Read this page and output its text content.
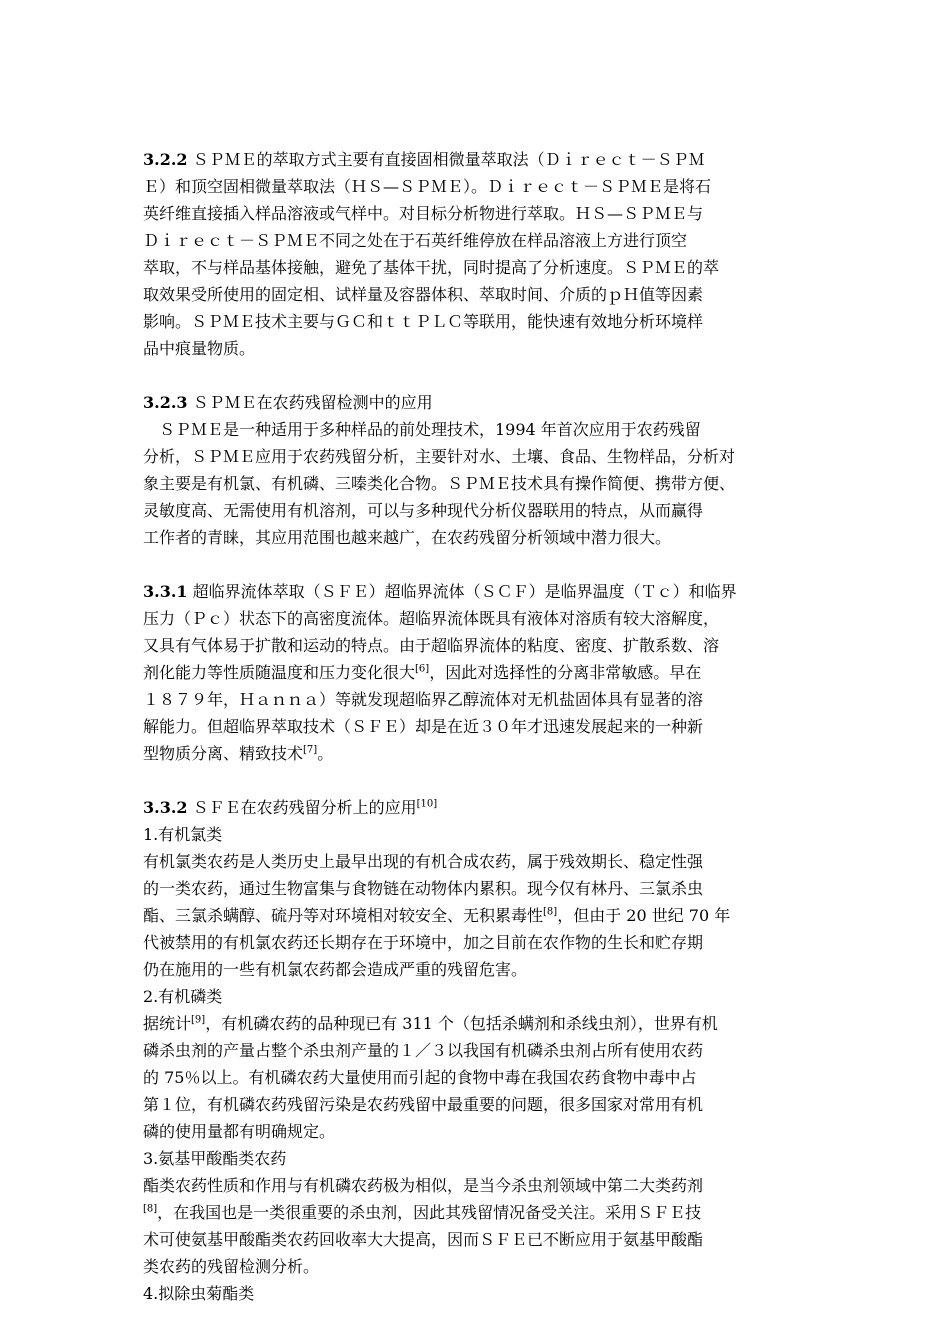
3.2.2 ＳＰＭＥ的萃取方式主要有直接固相微量萃取法（Ｄｉｒｅｃｔ－ＳＰＭ
Ｅ）和顶空固相微量萃取法（ＨＳ—ＳＰＭＥ）。Ｄｉｒｅｃｔ－ＳＰＭＥ是将石
英纤维直接插入样品溶液或气样中。对目标分析物进行萃取。ＨＳ—ＳＰＭＥ与
Ｄｉｒｅｃｔ－ＳＰＭＥ不同之处在于石英纤维停放在样品溶液上方进行顶空
萃取，不与样品基体接触，避免了基体干扰，同时提高了分析速度。ＳＰＭＥ的萃
取效果受所使用的固定相、试样量及容器体积、萃取时间、介质的ｐＨ值等因素
影响。ＳＰＭＥ技术主要与ＧＣ和ｔｔＰＬＣ等联用，能快速有效地分析环境样
品中痕量物质。
3.2.3 ＳＰＭＥ在农药残留检测中的应用
　ＳＰＭＥ是一种适用于多种样品的前处理技术，1994 年首次应用于农药残留
分析，ＳＰＭＥ应用于农药残留分析，主要针对水、土壤、食品、生物样品，分析对
象主要是有机氯、有机磷、三嗪类化合物。ＳＰＭＥ技术具有操作简便、携带方便、
灵敏度高、无需使用有机溶剂，可以与多种现代分析仪器联用的特点，从而赢得
工作者的青睐，其应用范围也越来越广，在农药残留分析领域中潜力很大。
3.3.1 超临界流体萃取（ＳＦＥ）超临界流体（ＳＣＦ）是临界温度（Ｔｃ）和临界
压力（Ｐｃ）状态下的高密度流体。超临界流体既具有液体对溶质有较大溶解度，
又具有气体易于扩散和运动的特点。由于超临界流体的粘度、密度、扩散系数、溶
剂化能力等性质随温度和压力变化很大[6]，因此对选择性的分离非常敏感。早在
１８７９年，Ｈａｎｎａ）等就发现超临界乙醇流体对无机盐固体具有显著的溶
解能力。但超临界萃取技术（ＳＦＥ）却是在近３０年才迅速发展起来的一种新
型物质分离、精致技术[7]。
3.3.2 ＳＦＥ在农药残留分析上的应用[10]
1.有机氯类
有机氯类农药是人类历史上最早出现的有机合成农药，属于残效期长、稳定性强
的一类农药，通过生物富集与食物链在动物体内累积。现今仅有林丹、三氯杀虫
酯、三氯杀螨醇、硫丹等对环境相对较安全、无积累毒性[8]，但由于 20 世纪 70 年
代被禁用的有机氯农药还长期存在于环境中，加之目前在农作物的生长和贮存期
仍在施用的一些有机氯农药都会造成严重的残留危害。
2.有机磷类
据统计[9]，有机磷农药的品种现已有 311 个（包括杀螨剂和杀线虫剂），世界有机
磷杀虫剂的产量占整个杀虫剂产量的１／３以我国有机磷杀虫剂占所有使用农药
的 75％以上。有机磷农药大量使用而引起的食物中毒在我国农药食物中毒中占
第１位，有机磷农药残留污染是农药残留中最重要的问题，很多国家对常用有机
磷的使用量都有明确规定。
3.氨基甲酸酯类农药
酯类农药性质和作用与有机磷农药极为相似，是当今杀虫剂领域中第二大类药剂
[8]，在我国也是一类很重要的杀虫剂，因此其残留情况备受关注。采用ＳＦＥ技
术可使氨基甲酸酯类农药回收率大大提高，因而ＳＦＥ已不断应用于氨基甲酸酯
类农药的残留检测分析。
4.拟除虫菊酯类
